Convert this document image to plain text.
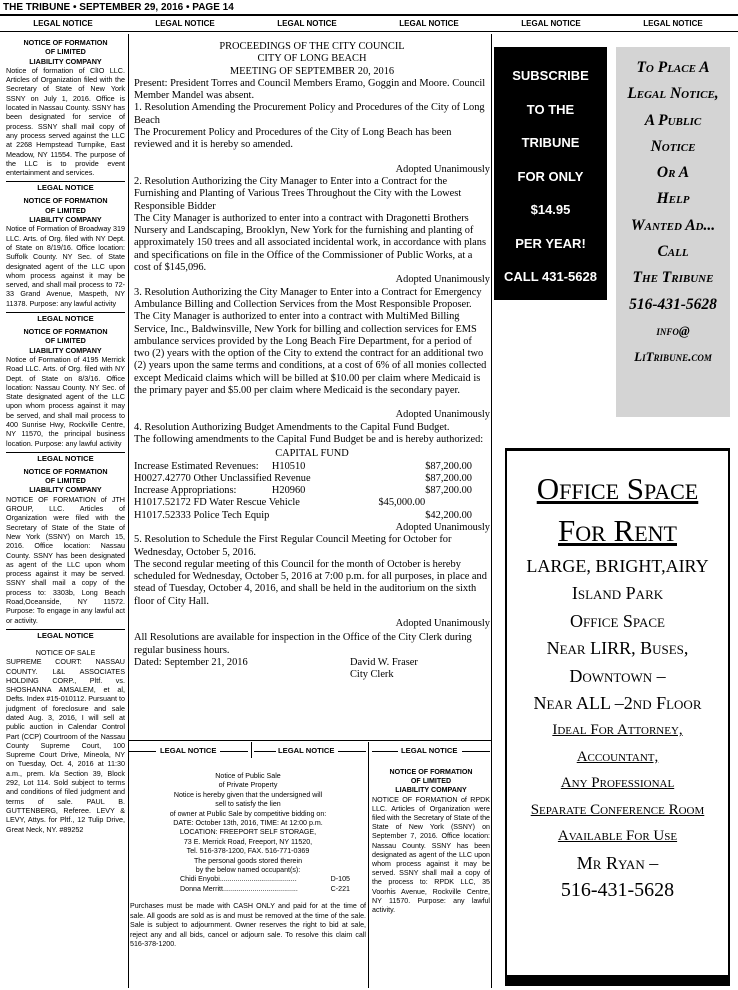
THE TRIBUNE • SEPTEMBER 29, 2016 • PAGE 14
LEGAL NOTICE	LEGAL NOTICE	LEGAL NOTICE	LEGAL NOTICE	LEGAL NOTICE	LEGAL NOTICE
NOTICE OF FORMATION
OF LIMITED
LIABILITY COMPANY
Notice of formation of ClIO LLC. Articles of Organization filed with the Secretary of State of New York SSNY on July 1, 2016. Office is located in Nassau County. SSNY has been designated for service of process. SSNY shall mail copy of any process served against the LLC at 2268 Hempstead Turnpike, East Meadow, NY 11554. The purpose of the LLC is to provide event entertainment and services.
LEGAL NOTICE
NOTICE OF FORMATION
OF LIMITED
LIABILITY COMPANY
Notice of Formation of Broadway 319 LLC. Arts. of Org. filed with NY Dept. of State on 8/19/16. Office location: Suffolk County. NY Sec. of State designated agent of the LLC upon whom process against it may be served, and shall mail process to 72-33 Grand Avenue, Maspeth, NY 11378. Purpose: any lawful activity
LEGAL NOTICE
NOTICE OF FORMATION
OF LIMITED
LIABILITY COMPANY
Notice of Formation of 4195 Merrick Road LLC. Arts. of Org. filed with NY Dept. of State on 8/3/16. Office location: Nassau County. NY Sec. of State designated agent of the LLC upon whom process against it may be served, and shall mail process to 400 Sunrise Hwy, Rockville Centre, NY 11570, the principal business location. Purpose: any lawful activity
LEGAL NOTICE
NOTICE OF FORMATION
OF LIMITED
LIABILITY COMPANY
NOTICE OF FORMATION of JTH GROUP, LLC. Articles of Organization were filed with the Secretary of State of the State of New York (SSNY) on March 15, 2016. Office location: Nassau County. SSNY has been designated as agent of the LLC upon whom process against it may be served. SSNY shall mail a copy of the process to: 3303b, Long Beach Road,Oceanside, NY 11572. Purpose: To engage in any lawful act or activity.
LEGAL NOTICE
NOTICE OF SALE
SUPREME COURT: NASSAU COUNTY. L&L ASSOCIATES HOLDING CORP., Pltf. vs. SHOSHANNA AMSALEM, et al, Defts. Index #15-010112. Pursuant to judgment of foreclosure and sale dated Aug. 3, 2016, I will sell at public auction in Calendar Control Part (CCP) Courtroom of the Nassau County Supreme Court, 100 Supreme Court Drive, Mineola, NY on Tuesday, Oct. 4, 2016 at 11:30 a.m., prem. k/a Section 39, Block 292, Lot 114. Sold subject to terms and conditions of filed judgment and terms of sale. PAUL B. GUTTENBERG, Referee. LEVY & LEVY, Attys. for Pltf., 12 Tulip Drive, Great Neck, NY. #89252
PROCEEDINGS OF THE CITY COUNCIL
CITY OF LONG BEACH
MEETING OF SEPTEMBER 20, 2016
Present: President Torres and Council Members Eramo, Goggin and Moore. Council Member Mandel was absent.
1. Resolution Amending the Procurement Policy and Procedures of the City of Long Beach
The Procurement Policy and Procedures of the City of Long Beach has been reviewed and it is hereby so amended.
Adopted Unanimously
2. Resolution Authorizing the City Manager to Enter into a Contract for the Furnishing and Planting of Various Trees Throughout the City with the Lowest Responsible Bidder
The City Manager is authorized to enter into a contract with Dragonetti Brothers Nursery and Landscaping, Brooklyn, New York for the furnishing and planting of approximately 150 trees and all associated incidental work, in accordance with plans and specifications on file in the Office of the Commissioner of Public Works, at a cost of $145,096.
Adopted Unanimously
3. Resolution Authorizing the City Manager to Enter into a Contract for Emergency Ambulance Billing and Collection Services from the Most Responsible Proposer.
The City Manager is authorized to enter into a contract with MultiMed Billing Service, Inc., Baldwinsville, New York for billing and collection services for EMS ambulance services provided by the Long Beach Fire Department, for a period of two (2) years with the option of the City to extend the contract for an additional two (2) years upon the same terms and conditions, at a cost of 6% of all monies collected except Medicaid claims which will be billed at $10.00 per claim where Medicaid is the primary payer and $5.00 per claim where Medicaid is the secondary payer.
Adopted Unanimously
4. Resolution Authorizing Budget Amendments to the Capital Fund Budget.
The following amendments to the Capital Fund Budget be and is hereby authorized:
CAPITAL FUND
Increase Estimated Revenues:	H10510		$87,200.00
H0027.42770 Other Unclassified Revenue			$87,200.00
Increase Appropriations:	H20960		$87,200.00
H1017.52172 FD Water Rescue Vehicle		$45,000.00	
H1017.52333 Police Tech Equip			$42,200.00
Adopted Unanimously
5. Resolution to Schedule the First Regular Council Meeting for October for Wednesday, October 5, 2016.
The second regular meeting of this Council for the month of October is hereby scheduled for Wednesday, October 5, 2016 at 7:00 p.m. for all purposes, in place and stead of Tuesday, October 4, 2016, and shall be held in the auditorium on the sixth floor of City Hall.
Adopted Unanimously
All Resolutions are available for inspection in the Office of the City Clerk during regular business hours.
Dated: September 21, 2016	David W. Fraser
City Clerk
LEGAL NOTICE	LEGAL NOTICE	LEGAL NOTICE
Notice of Public Sale
of Private Property
Notice is hereby given that the undersigned will
sell to satisfy the lien
of owner at Public Sale by competitive bidding on:
DATE: October 13th, 2016, TIME: At 12:00 p.m.
LOCATION: FREEPORT SELF STORAGE,
73 E. Merrick Road, Freeport, NY 11520,
Tel. 516-378-1200, FAX. 516-771-0369
The personal goods stored therein
by the below named occupant(s):
Chidi Enyobi.......................................	D-105
Donna Merritt......................................	C-221
Purchases must be made with CASH ONLY and paid for at the time of sale. All goods are sold as is and must be removed at the time of the sale. Sale is subject to adjournment. Owner reserves the right to bid at sale, reject any and all bids, cancel or adjourn sale. To resolve this claim call 516-378-1200.
NOTICE OF FORMATION
OF LIMITED
LIABILITY COMPANY
NOTICE OF FORMATION of RPDK LLC. Articles of Organization were filed with the Secretary of State of the State of New York (SSNY) on September 7, 2016. Office location: Nassau County. SSNY has been designated as agent of the LLC upon whom process against it may be served. SSNY shall mail a copy of the process to: RPDK LLC, 35 Voorhis Avenue, Rockville Centre, NY 11570. Purpose: any lawful activity.
SUBSCRIBE
TO THE
TRIBUNE
FOR ONLY
$14.95
PER YEAR!
CALL 431-5628
To Place A
Legal Notice,
A Public
Notice
Or A
Help
Wanted Ad...
Call
The Tribune
516-431-5628
info@
LiTribune.com
Office Space
For Rent
LARGE, BRIGHT,AIRY
Island Park
Office Space
Near LIRR, Buses,
Downtown –
Near ALL –2nd Floor
Ideal For Attorney,
Accountant,
Any Professional
Separate Conference Room
Available For Use
Mr Ryan –
516-431-5628
